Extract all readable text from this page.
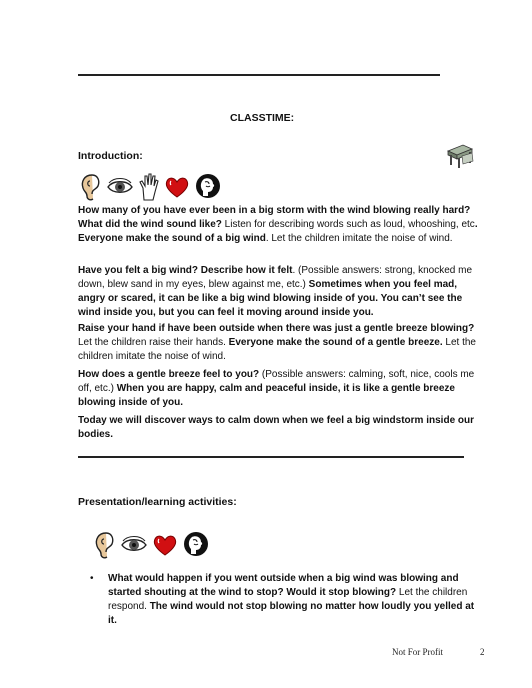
CLASSTIME:
Introduction:

How many of you have ever been in a big storm with the wind blowing really hard? What did the wind sound like? Listen for describing words such as loud, whooshing, etc. Everyone make the sound of a big wind. Let the children imitate the noise of wind.

Have you felt a big wind? Describe how it felt. (Possible answers: strong, knocked me down, blew sand in my eyes, blew against me, etc.) Sometimes when you feel mad, angry or scared, it can be like a big wind blowing inside of you. You can’t see the wind inside you, but you can feel it moving around inside you.

Raise your hand if have been outside when there was just a gentle breeze blowing? Let the children raise their hands. Everyone make the sound of a gentle breeze. Let the children imitate the noise of wind.

How does a gentle breeze feel to you? (Possible answers: calming, soft, nice, cools me off, etc.) When you are happy, calm and peaceful inside, it is like a gentle breeze blowing inside of you.

Today we will discover ways to calm down when we feel a big windstorm inside our bodies.

Presentation/learning activities:
• What would happen if you went outside when a big wind was blowing and started shouting at the wind to stop? Would it stop blowing? Let the children respond. The wind would not stop blowing no matter how loudly you yelled at it.
Not For Profit	2
